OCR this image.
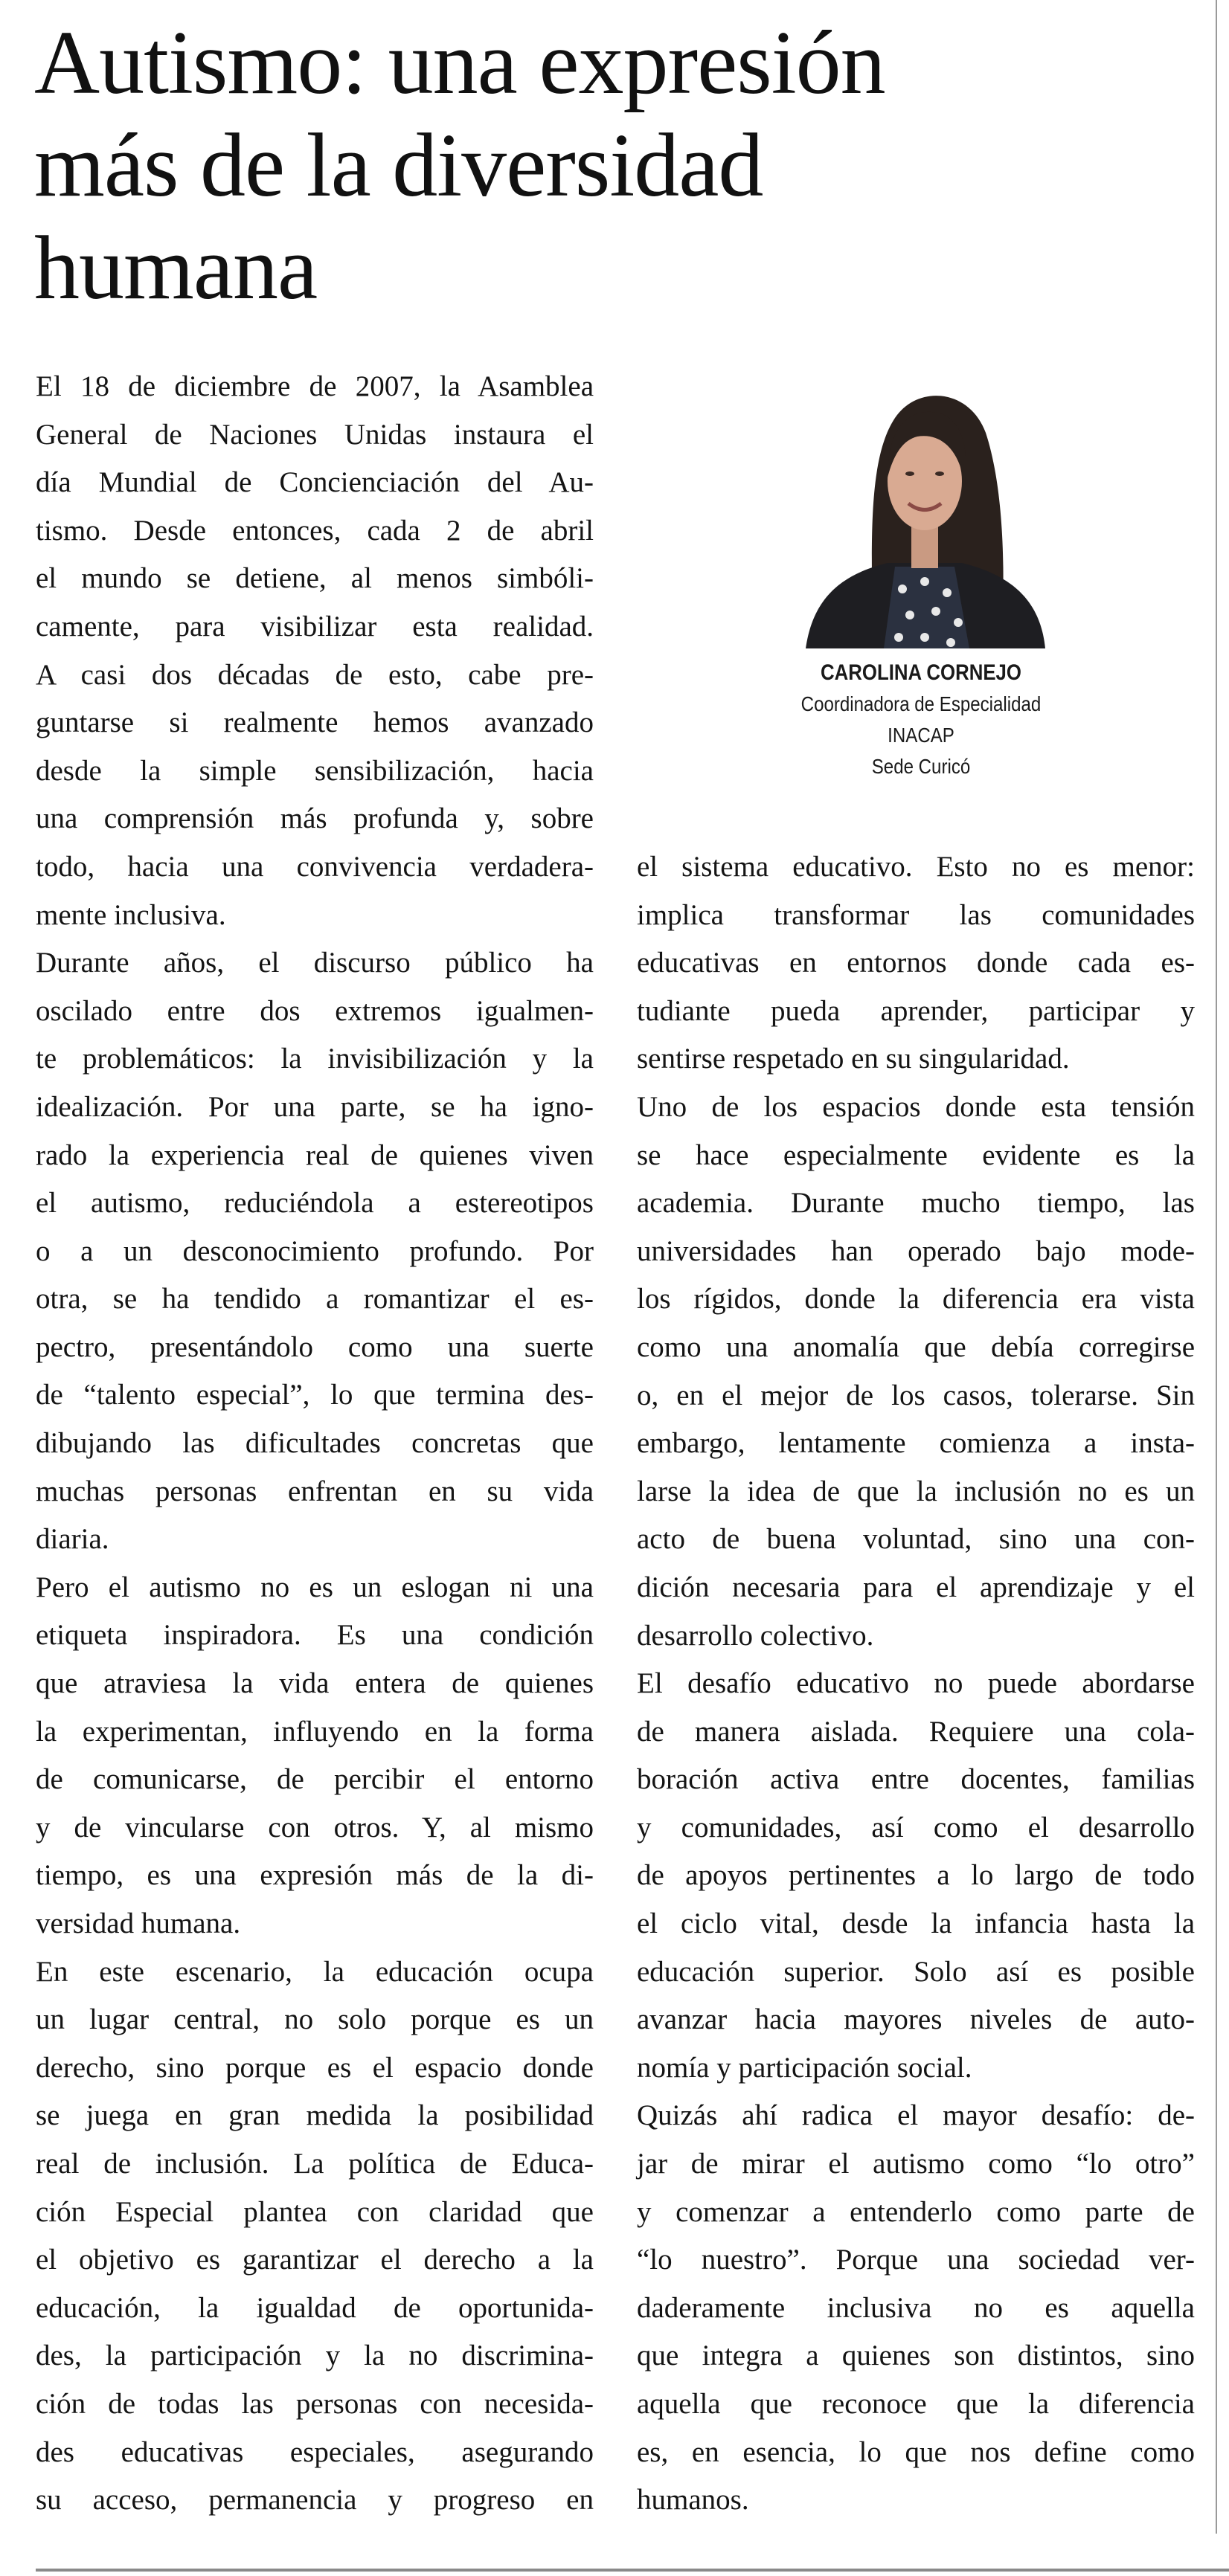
Autismo: una expresión
más de la diversidad
humana

El 18 de diciembre de 2007, la Asamblea
General de Naciones Unidas instaura el
día Mundial de Concienciación del Au-
tismo. Desde entonces, cada 2 de abril
el mundo se detiene, al menos simbóli-
camente, para visibilizar esta realidad.
A casi dos décadas de esto, cabe pre-
guntarse si realmente hemos avanzado
desde la simple sensibilización, hacia
una comprensión más profunda y, sobre
todo, hacia una convivencia verdadera-
mente inclusiva.

Durante años, el discurso público ha
oscilado entre dos extremos igualmen-
te problemáticos: la invisibilización y la
idealización. Por una parte, se ha igno-
rado la experiencia real de quienes viven
el autismo, reduciéndola a estereotipos
o a un desconocimiento profundo. Por
otra, se ha tendido a romantizar el es-
pectro, presentándolo como una suerte
de “talento especial”, lo que termina des-
dibujando las dificultades concretas que
muchas personas enfrentan en su vida
diaria.

Pero el autismo no es un eslogan ni una
etiqueta inspiradora. Es una condición
que atraviesa la vida entera de quienes
la experimentan, influyendo en la forma
de comunicarse, de percibir el entorno
y de vincularse con otros. Y, al mismo
tiempo, es una expresión más de la di-
versidad humana.

En este escenario, la educación ocupa
un lugar central, no solo porque es un
derecho, sino porque es el espacio donde
se juega en gran medida la posibilidad
real de inclusión. La política de Educa-
ción Especial plantea con claridad que
el objetivo es garantizar el derecho a la
educación, la igualdad de oportunida-
des, la participación y la no discrimina-
ción de todas las personas con necesida-
des educativas especiales, asegurando
su acceso, permanencia y progreso en

CAROLINA CORNEJO
Coordinadora de Especialidad INACAP
Sede Curicó

el sistema educativo. Esto no es menor:
implica transformar las comunidades
educativas en entornos donde cada es-
tudiante pueda aprender, participar y
sentirse respetado en su singularidad.

Uno de los espacios donde esta tensión
se hace especialmente evidente es la
academia. Durante mucho tiempo, las
universidades han operado bajo mode-
los rígidos, donde la diferencia era vista
como una anomalía que debía corregirse
o, en el mejor de los casos, tolerarse. Sin
embargo, lentamente comienza a insta-
larse la idea de que la inclusión no es un
acto de buena voluntad, sino una con-
dición necesaria para el aprendizaje y el
desarrollo colectivo.

El desafío educativo no puede abordarse
de manera aislada. Requiere una cola-
boración activa entre docentes, familias
y comunidades, así como el desarrollo
de apoyos pertinentes a lo largo de todo
el ciclo vital, desde la infancia hasta la
educación superior. Solo así es posible
avanzar hacia mayores niveles de auto-
nomía y participación social.

Quizás ahí radica el mayor desafío: de-
jar de mirar el autismo como “lo otro”
y comenzar a entenderlo como parte de
“lo nuestro”. Porque una sociedad ver-
daderamente inclusiva no es aquella
que integra a quienes son distintos, sino
aquella que reconoce que la diferencia
es, en esencia, lo que nos define como
humanos.
